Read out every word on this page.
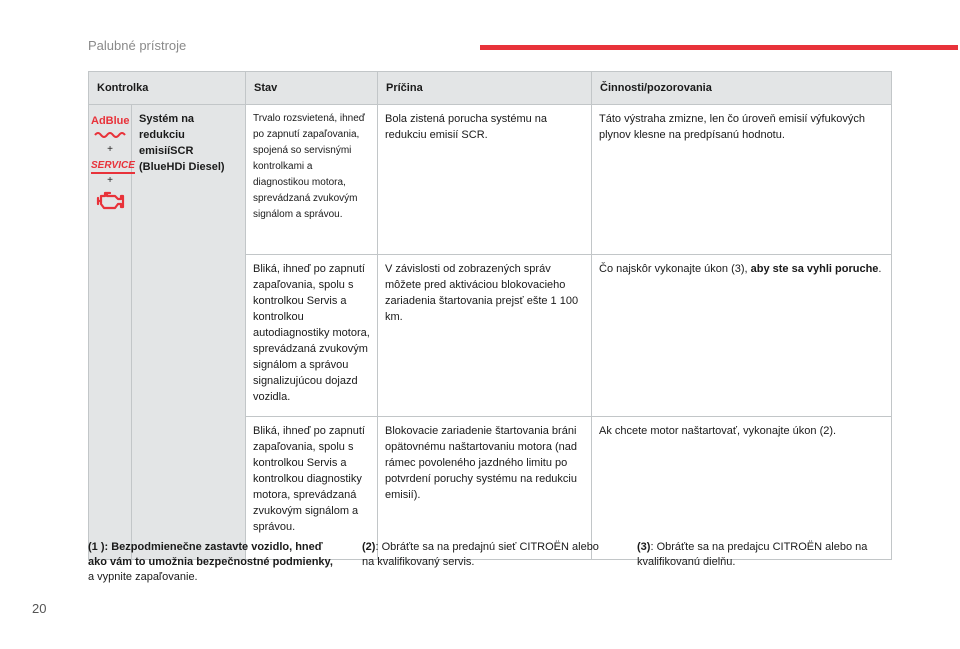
Palubné prístroje
Kontrolka		Stav	Príčina	Činnosti/pozorovania

AdBlue
+
SERVICE
+	Systém na redukciu emisiíSCR (BlueHDi Diesel)	Trvalo rozsvietená, ihneď po zapnutí zapaľovania, spojená so servisnými kontrolkami a diagnostikou motora, sprevádzaná zvukovým signálom a správou.	Bola zistená porucha systému na redukciu emisií SCR.	Táto výstraha zmizne, len čo úroveň emisií výfukových plynov klesne na predpísanú hodnotu.
		Bliká, ihneď po zapnutí zapaľovania, spolu s kontrolkou Servis a kontrolkou autodiagnostiky motora, sprevádzaná zvukovým signálom a správou signalizujúcou dojazd vozidla.	V závislosti od zobrazených správ môžete pred aktiváciou blokovacieho zariadenia štartovania prejsť ešte 1 100 km.	Čo najskôr vykonajte úkon (3), aby ste sa vyhli poruche.
		Bliká, ihneď po zapnutí zapaľovania, spolu s kontrolkou Servis a kontrolkou diagnostiky motora, sprevádzaná zvukovým signálom a správou.	Blokovacie zariadenie štartovania bráni opätovnému naštartovaniu motora (nad rámec povoleného jazdného limitu po potvrdení poruchy systému na redukciu emisií).	Ak chcete motor naštartovať, vykonajte úkon (2).
(1 ): Bezpodmienečne zastavte vozidlo, hneď ako vám to umožnia bezpečnostné podmienky, a vypnite zapaľovanie.
(2): Obráťte sa na predajnú sieť CITROËN alebo na kvalifikovaný servis.
(3): Obráťte sa na predajcu CITROËN alebo na kvalifikovanú dielňu.
20
